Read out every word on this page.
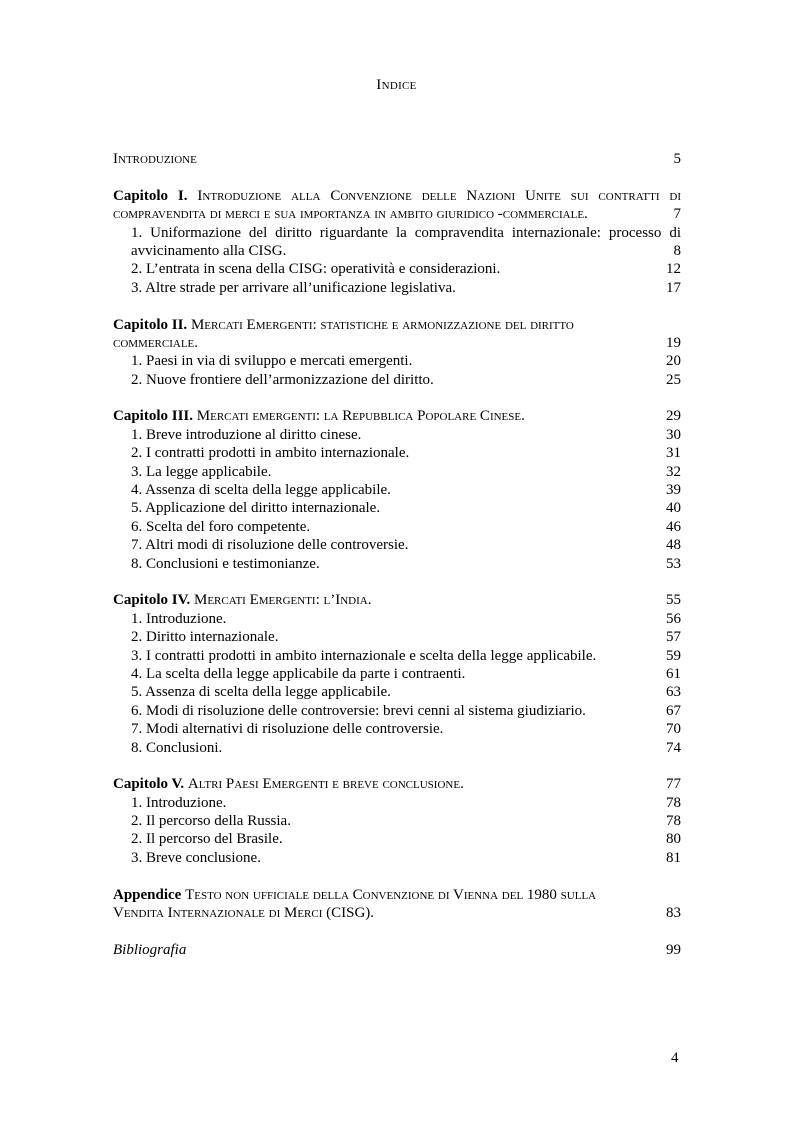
Indice
Introduzione	5
Capitolo I. Introduzione alla Convenzione delle Nazioni Unite sui contratti di
compravendita di merci e sua importanza in ambito giuridico -commerciale.	7
1. Uniformazione del diritto riguardante la compravendita internazionale: processo di
avvicinamento alla CISG.	8
2. L’entrata in scena della CISG: operatività e considerazioni.	12
3. Altre strade per arrivare all’unificazione legislativa.	17
Capitolo II. Mercati Emergenti: statistiche e armonizzazione del diritto
commerciale.	19
1. Paesi in via di sviluppo e mercati emergenti.	20
2. Nuove frontiere dell’armonizzazione del diritto.	25
Capitolo III. Mercati emergenti: la Repubblica Popolare Cinese.	29
1. Breve introduzione al diritto cinese.	30
2. I contratti prodotti in ambito internazionale.	31
3. La legge applicabile.	32
4. Assenza di scelta della legge applicabile.	39
5. Applicazione del diritto internazionale.	40
6. Scelta del foro competente.	46
7. Altri modi di risoluzione delle controversie.	48
8. Conclusioni e testimonianze.	53
Capitolo IV. Mercati Emergenti: l’India.	55
1. Introduzione.	56
2. Diritto internazionale.	57
3. I contratti prodotti in ambito internazionale e scelta della legge applicabile.	59
4. La scelta della legge applicabile da parte i contraenti.	61
5. Assenza di scelta della legge applicabile.	63
6. Modi di risoluzione delle controversie: brevi cenni al sistema giudiziario.	67
7. Modi alternativi di risoluzione delle controversie.	70
8. Conclusioni.	74
Capitolo V. Altri Paesi Emergenti e breve conclusione.	77
1. Introduzione.	78
2. Il percorso della Russia.	78
2. Il percorso del Brasile.	80
3. Breve conclusione.	81
Appendice Testo non ufficiale della Convenzione di Vienna del 1980 sulla
Vendita Internazionale di Merci (CISG).	83
Bibliografia	99
4
